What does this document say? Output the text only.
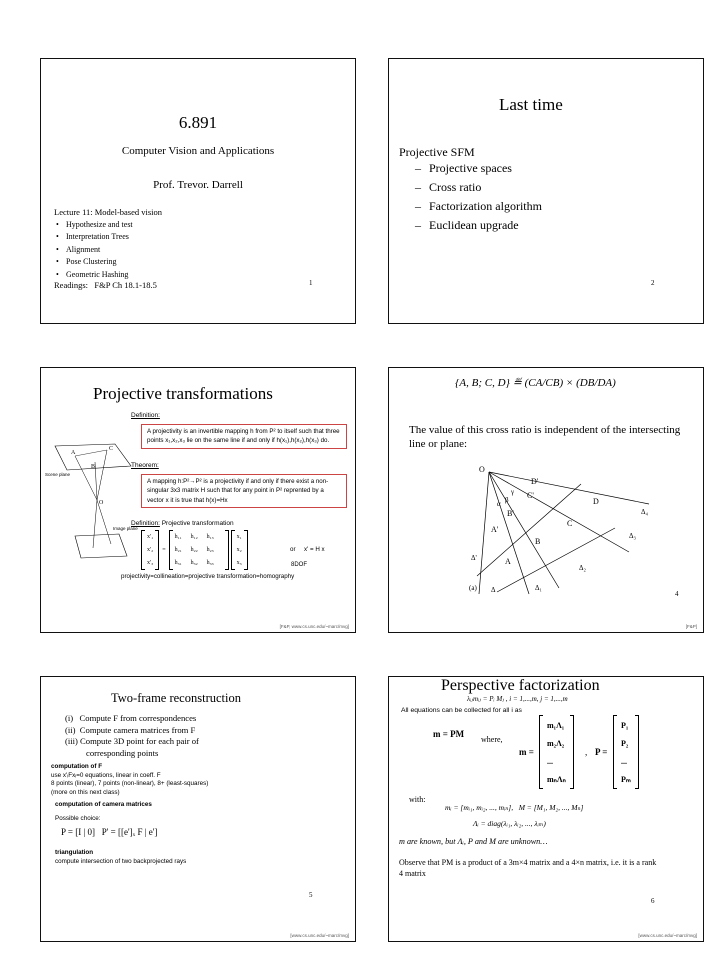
6.891
Computer Vision and Applications
Prof. Trevor. Darrell
Lecture 11: Model-based vision
• Hypothesize and test
• Interpretation Trees
• Alignment
• Pose Clustering
• Geometric Hashing
Readings:   F&P Ch 18.1-18.5	1
Last time
Projective SFM
– Projective spaces
– Cross ratio
– Factorization algorithm
– Euclidean upgrade
2
Projective transformations
A
B
C
Scene plane
O
Image plane
Definition:
A projectivity is an invertible mapping h from P² to itself such that three points x₁,x₂,x₃ lie on the same line if and only if h(x₁),h(x₂),h(x₃) do.
Theorem:
A mapping h:P²→P² is a projectivity if and only if there exist a non-singular 3x3 matrix H such that for any point in P² reprented by a vector x it is true that h(x)=Hx
Definition: Projective transformation
x'₁
x'₂
x'₃
=
h₁₁	h₁₂	h₁₃
h₂₁	h₂₂	h₂₃
h₃₁	h₃₂	h₃₃
x₁
x₂
x₃
or x' = H x
8DOF
projectivity=collineation=projective transformation=homography
[F&P, www.cs.unc.edu/~marc/mvg]
{A, B; C, D} ≝ (CA/CB) × (DB/DA)
The value of this cross ratio is independent of the intersecting line or plane:
O
D'
C'
B'
A'
D
C
B
A
α β
γ
Δ₄
Δ₃
Δ₂
Δ₁
Δ'
Δ
(a)
4
[F&P]
Two-frame reconstruction
(i)   Compute F from correspondences
(ii)  Compute camera matrices from F
(iii) Compute 3D point for each pair of
corresponding points
computation of F
use x'ᵢFxᵢ=0 equations, linear in coeff. F
8 points (linear), 7 points (non-linear), 8+ (least-squares)
(more on this next class)
computation of camera matrices
Possible choice:
P = [I | 0]   P' = [[e']ₓ F | e']
triangulation
compute intersection of two backprojected rays
5
[www.cs.unc.edu/~marc/mvg]
Perspective factorization
λᵢⱼmᵢⱼ = Pᵢ Mⱼ , i = 1,...,m, j = 1,...,m
All equations can be collected for all i as
m = PM
where,
m =
m₁Λ₁
m₂Λ₂
...
mₙΛₙ
, P =
P₁
P₂
...
Pₘ
with:
mᵢ = [mᵢ₁, mᵢ₂, ..., mᵢₙ],   M = [M₁, M₂, ..., Mₙ]
Λᵢ = diag(λᵢ₁, λᵢ₂, ..., λᵢₘ)
m are known, but Λᵢ, P and M are unknown…
Observe that PM is a product of a 3m×4 matrix and a 4×n matrix, i.e. it is a rank 4 matrix
6
[www.cs.unc.edu/~marc/mvg]
